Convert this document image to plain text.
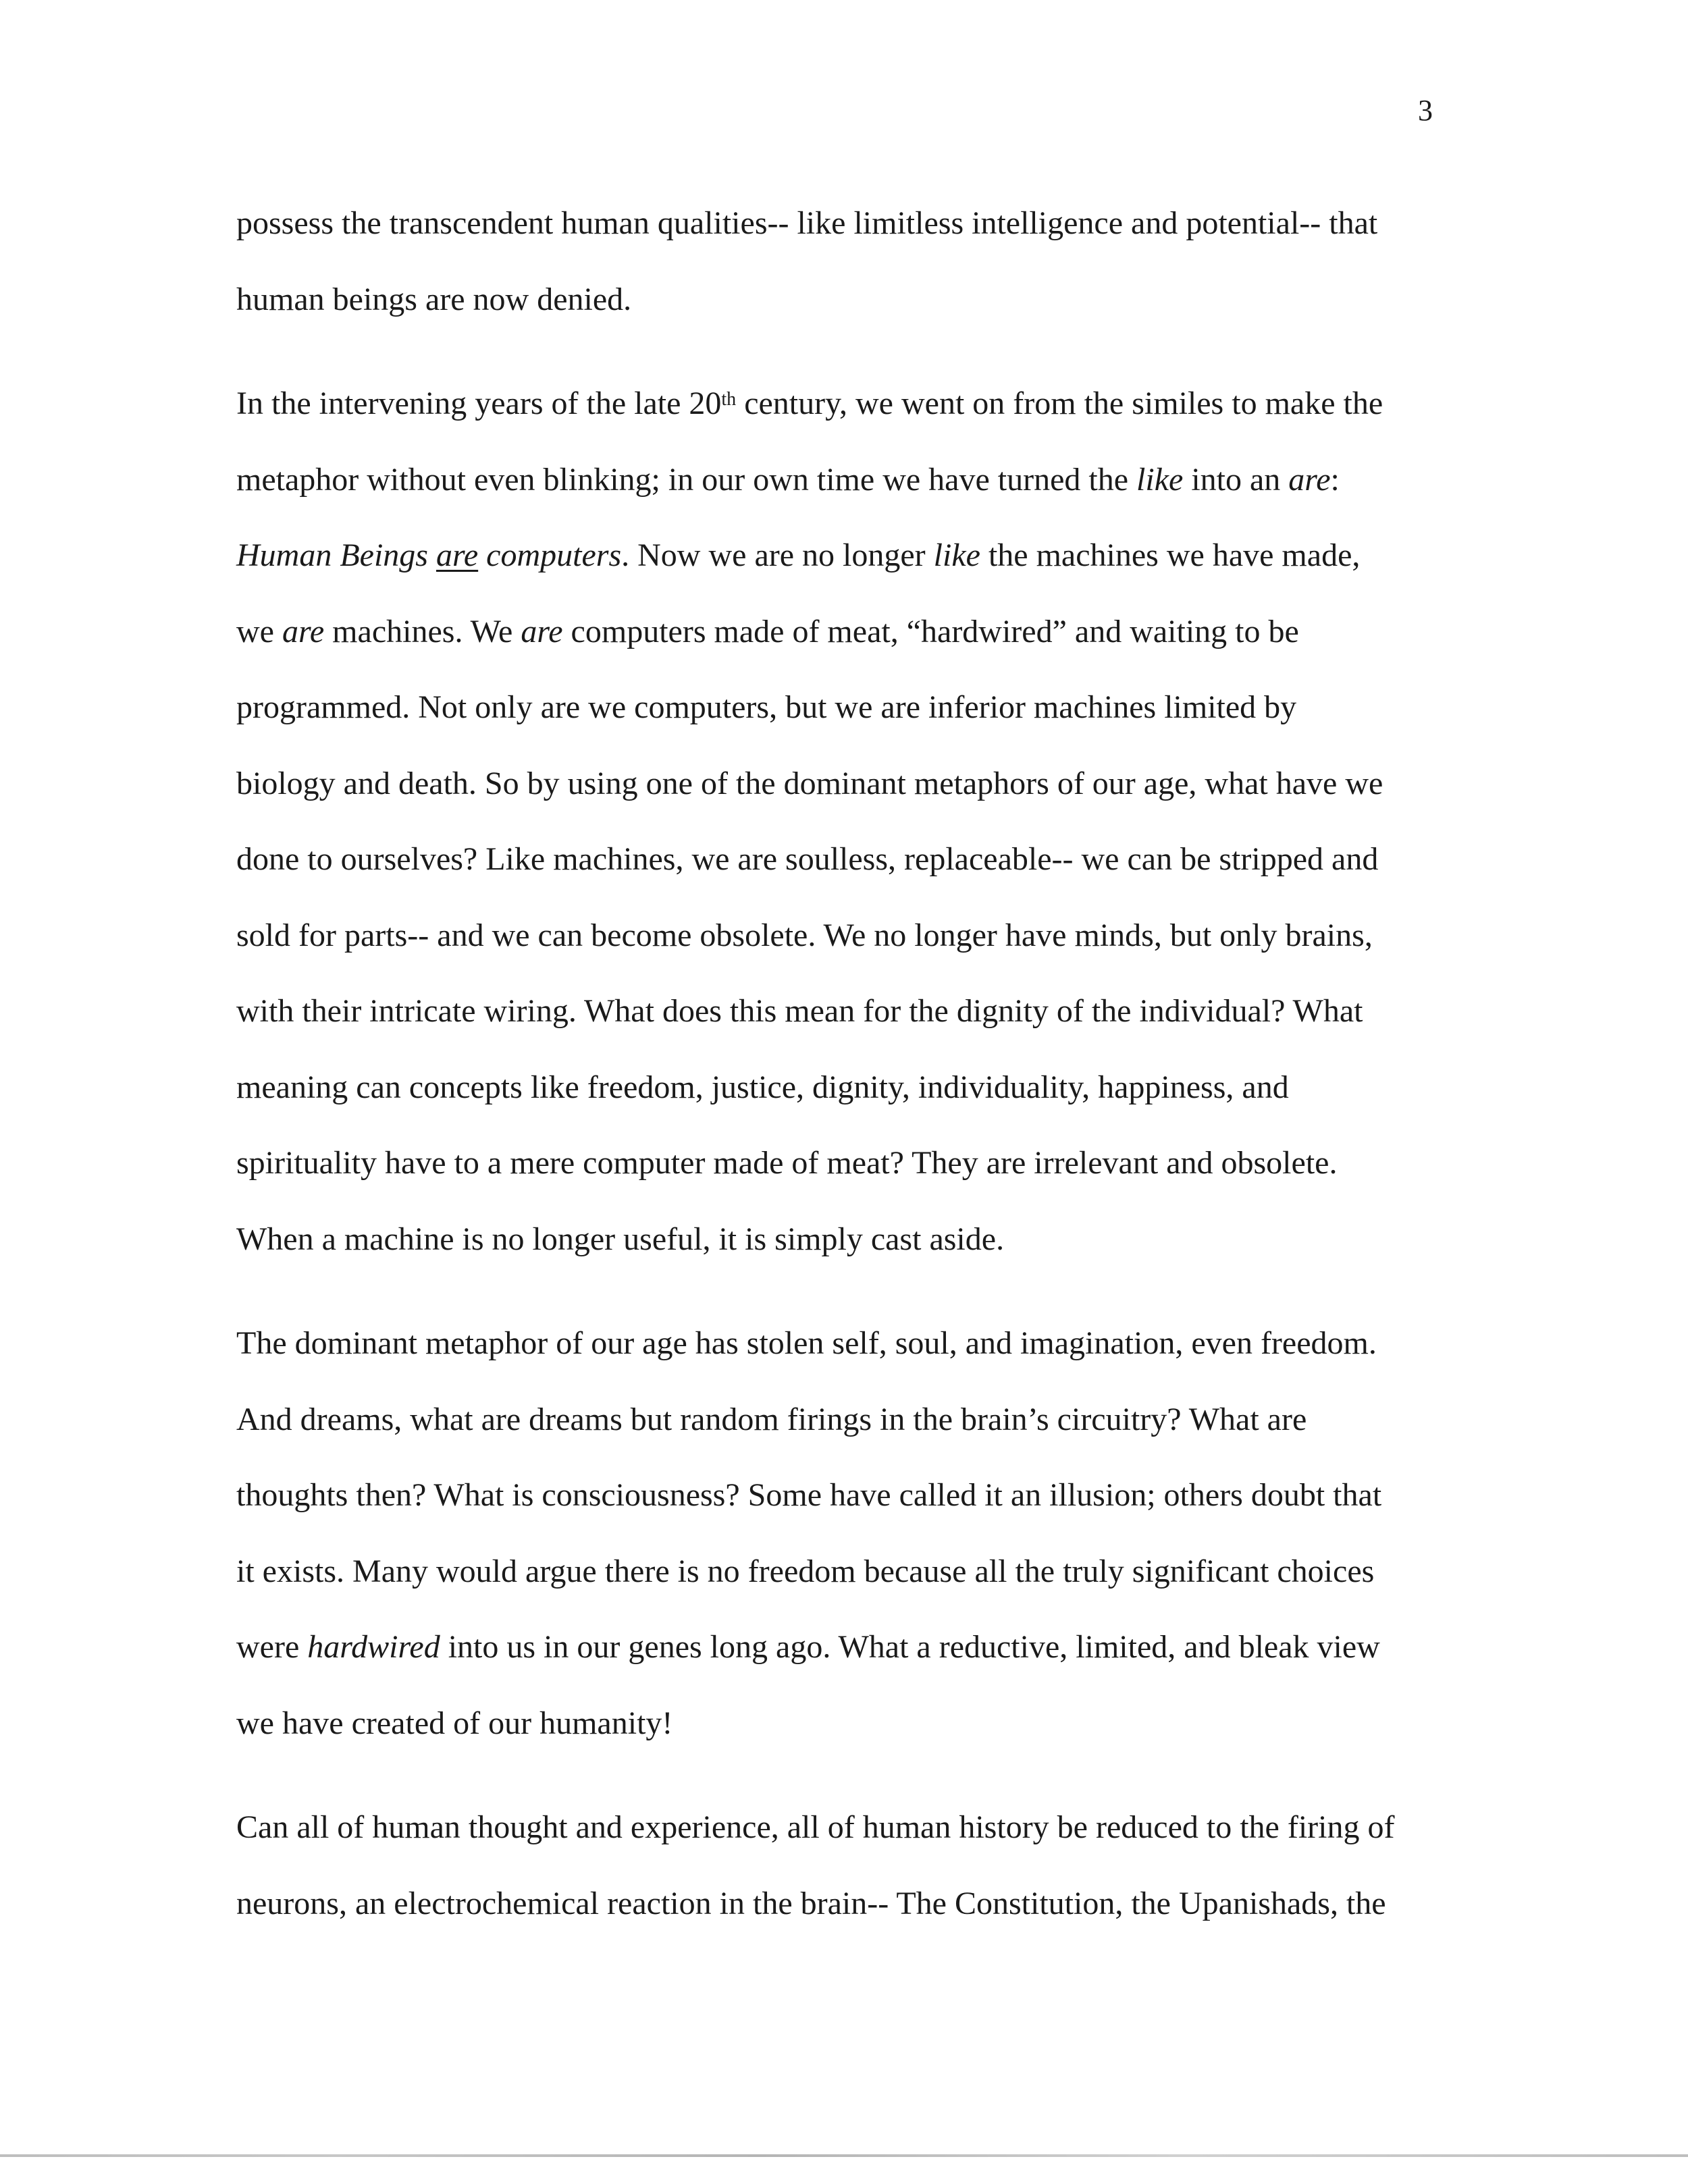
3

possess the transcendent human qualities-- like limitless intelligence and potential-- that
human beings are now denied.

In the intervening years of the late 20th century, we went on from the similes to make the
metaphor without even blinking; in our own time we have turned the like into an are:
Human Beings are computers. Now we are no longer like the machines we have made,
we are machines. We are computers made of meat, “hardwired” and waiting to be
programmed. Not only are we computers, but we are inferior machines limited by
biology and death. So by using one of the dominant metaphors of our age, what have we
done to ourselves? Like machines, we are soulless, replaceable-- we can be stripped and
sold for parts-- and we can become obsolete. We no longer have minds, but only brains,
with their intricate wiring. What does this mean for the dignity of the individual? What
meaning can concepts like freedom, justice, dignity, individuality, happiness, and
spirituality have to a mere computer made of meat? They are irrelevant and obsolete.
When a machine is no longer useful, it is simply cast aside.

The dominant metaphor of our age has stolen self, soul, and imagination, even freedom.
And dreams, what are dreams but random firings in the brain’s circuitry? What are
thoughts then? What is consciousness? Some have called it an illusion; others doubt that
it exists. Many would argue there is no freedom because all the truly significant choices
were hardwired into us in our genes long ago. What a reductive, limited, and bleak view
we have created of our humanity!

Can all of human thought and experience, all of human history be reduced to the firing of
neurons, an electrochemical reaction in the brain-- The Constitution, the Upanishads, the
